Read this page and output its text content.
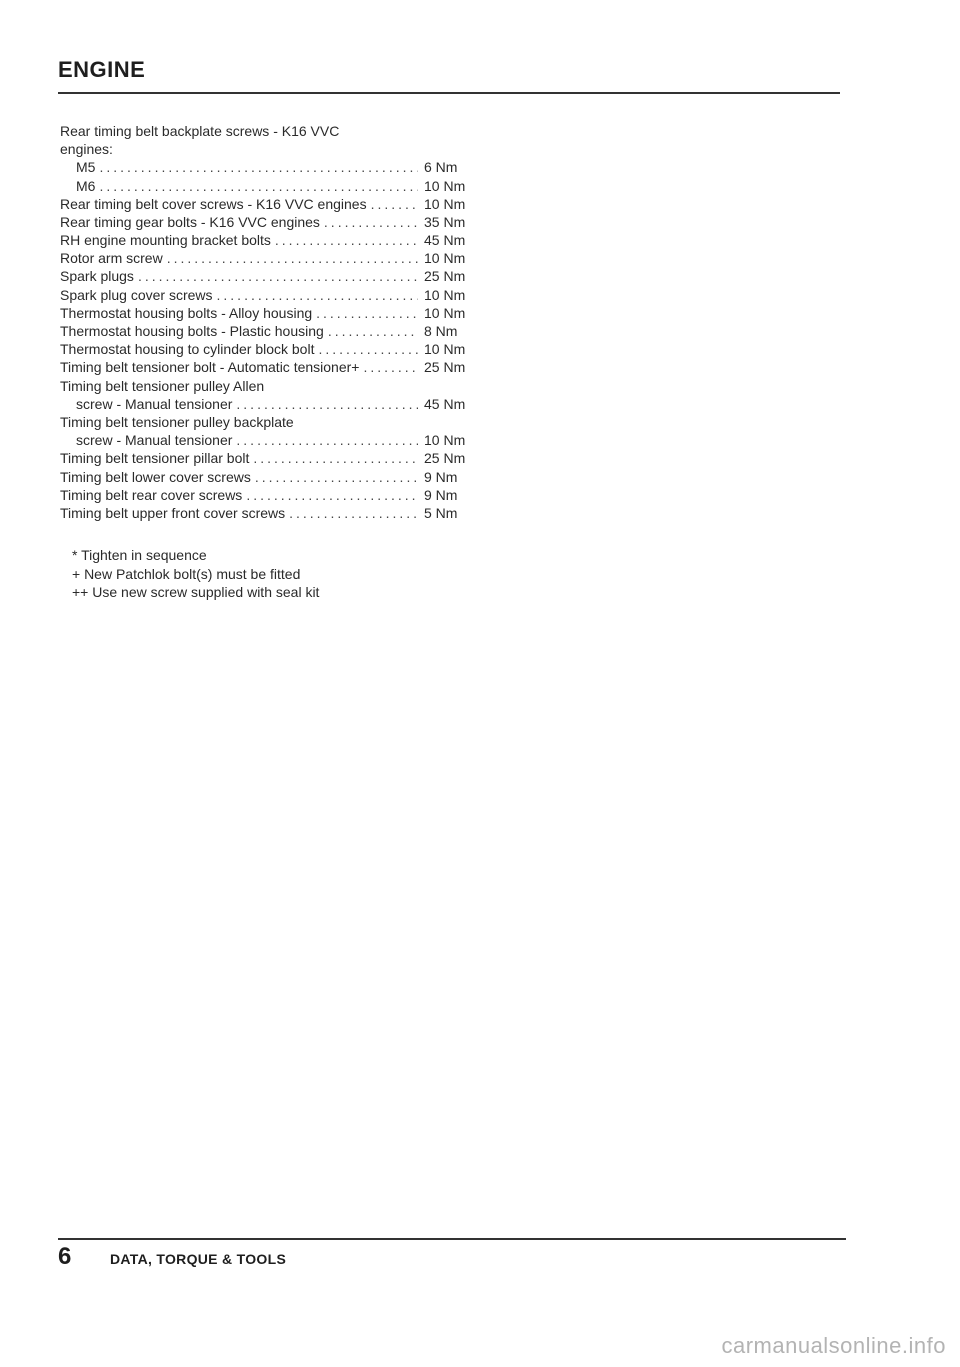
ENGINE
Rear timing belt backplate screws - K16 VVC
engines:
M5 .....	6 Nm
M6 .....	10 Nm
Rear timing belt cover screws - K16 VVC engines .....	10 Nm
Rear timing gear bolts - K16 VVC engines .....	35 Nm
RH engine mounting bracket bolts .....	45 Nm
Rotor arm screw .....	10 Nm
Spark plugs .....	25 Nm
Spark plug cover screws .....	10 Nm
Thermostat housing bolts - Alloy housing .....	10 Nm
Thermostat housing bolts - Plastic housing .....	8 Nm
Thermostat housing to cylinder block bolt .....	10 Nm
Timing belt tensioner bolt - Automatic tensioner+ .....	25 Nm
Timing belt tensioner pulley Allen
screw - Manual tensioner .....	45 Nm
Timing belt tensioner pulley backplate
screw - Manual tensioner .....	10 Nm
Timing belt tensioner pillar bolt .....	25 Nm
Timing belt lower cover screws .....	9 Nm
Timing belt rear cover screws .....	9 Nm
Timing belt upper front cover screws .....	5 Nm
* Tighten in sequence
+ New Patchlok bolt(s) must be fitted
++ Use new screw supplied with seal kit
6	DATA, TORQUE & TOOLS
carmanualsonline.info
